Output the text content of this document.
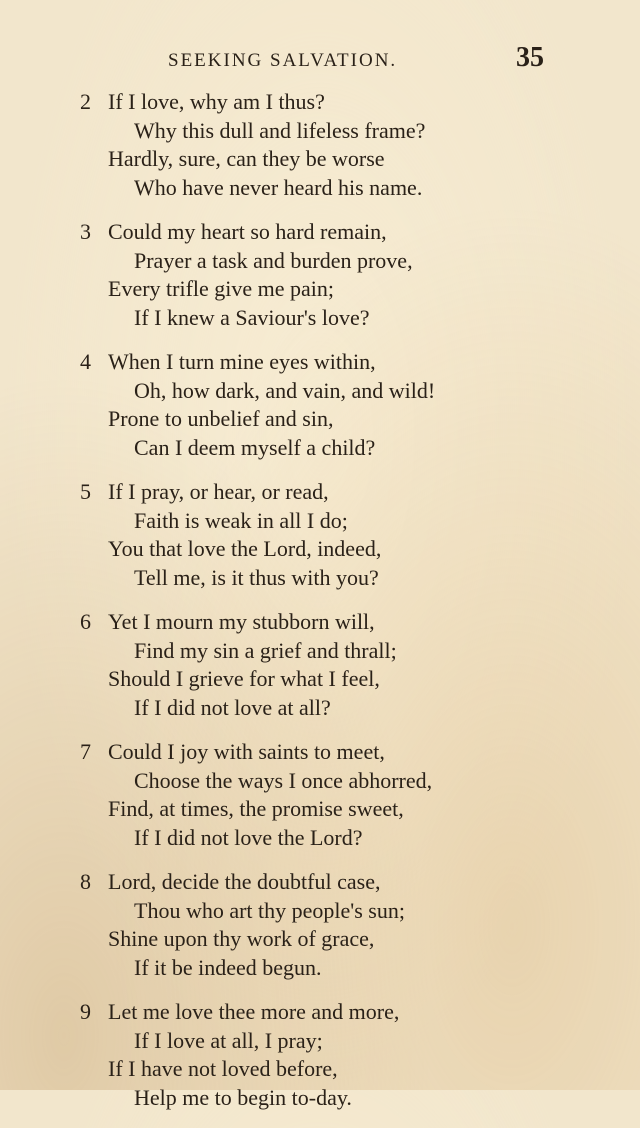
SEEKING SALVATION.	35
2 If I love, why am I thus?
Why this dull and lifeless frame?
Hardly, sure, can they be worse
Who have never heard his name.
3 Could my heart so hard remain,
Prayer a task and burden prove,
Every trifle give me pain;
If I knew a Saviour's love?
4 When I turn mine eyes within,
Oh, how dark, and vain, and wild!
Prone to unbelief and sin,
Can I deem myself a child?
5 If I pray, or hear, or read,
Faith is weak in all I do;
You that love the Lord, indeed,
Tell me, is it thus with you?
6 Yet I mourn my stubborn will,
Find my sin a grief and thrall;
Should I grieve for what I feel,
If I did not love at all?
7 Could I joy with saints to meet,
Choose the ways I once abhorred,
Find, at times, the promise sweet,
If I did not love the Lord?
8 Lord, decide the doubtful case,
Thou who art thy people's sun;
Shine upon thy work of grace,
If it be indeed begun.
9 Let me love thee more and more,
If I love at all, I pray;
If I have not loved before,
Help me to begin to-day.
